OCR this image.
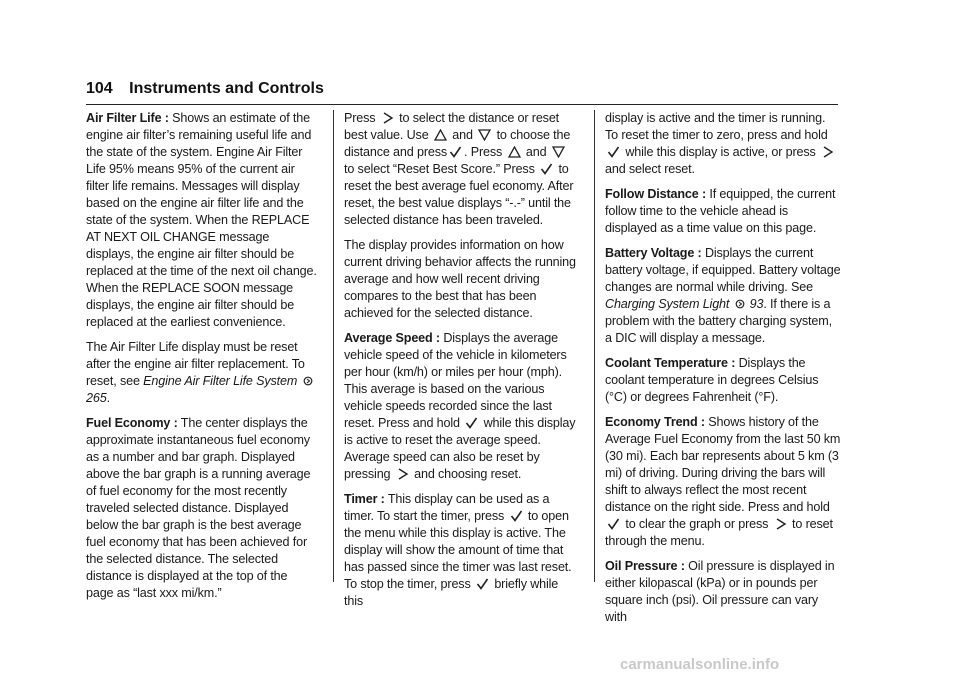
104 Instruments and Controls

Air Filter Life : Shows an estimate of the engine air filter’s remaining useful life and the state of the system. Engine Air Filter Life 95% means 95% of the current air filter life remains. Messages will display based on the engine air filter life and the state of the system. When the REPLACE AT NEXT OIL CHANGE message displays, the engine air filter should be replaced at the time of the next oil change. When the REPLACE SOON message displays, the engine air filter should be replaced at the earliest convenience.

The Air Filter Life display must be reset after the engine air filter replacement. To reset, see Engine Air Filter Life System
265.

Fuel Economy : The center displays the approximate instantaneous fuel economy as a number and bar graph. Displayed above the bar graph is a running average of fuel economy for the most recently traveled selected distance. Displayed below the bar graph is the best average fuel economy that has been achieved for the selected distance. The selected distance is displayed at the top of the page as “last xxx mi/km.”

Press to select the distance or reset best value. Use and to choose the distance and press . Press and
to select “Reset Best Score.” Press to reset the best average fuel economy. After reset, the best value displays “-.-” until the selected distance has been traveled.

The display provides information on how current driving behavior affects the running average and how well recent driving compares to the best that has been achieved for the selected distance.

Average Speed : Displays the average vehicle speed of the vehicle in kilometers per hour (km/h) or miles per hour (mph). This average is based on the various vehicle speeds recorded since the last reset. Press and hold while this display is active to reset the average speed. Average speed can also be reset by pressing and choosing reset.

Timer : This display can be used as a timer. To start the timer, press to open the menu while this display is active. The display will show the amount of time that has passed since the timer was last reset. To stop the timer, press briefly while this

display is active and the timer is running. To reset the timer to zero, press and hold
while this display is active, or press
and select reset.

Follow Distance : If equipped, the current follow time to the vehicle ahead is displayed as a time value on this page.

Battery Voltage : Displays the current battery voltage, if equipped. Battery voltage changes are normal while driving. See Charging System Light 93. If there is a problem with the battery charging system, a DIC will display a message.

Coolant Temperature : Displays the coolant temperature in degrees Celsius (°C) or degrees Fahrenheit (°F).

Economy Trend : Shows history of the Average Fuel Economy from the last 50 km (30 mi). Each bar represents about 5 km (3 mi) of driving. During driving the bars will shift to always reflect the most recent distance on the right side. Press and hold
to clear the graph or press to reset through the menu.

Oil Pressure : Oil pressure is displayed in either kilopascal (kPa) or in pounds per square inch (psi). Oil pressure can vary with

carmanualsonline.info
